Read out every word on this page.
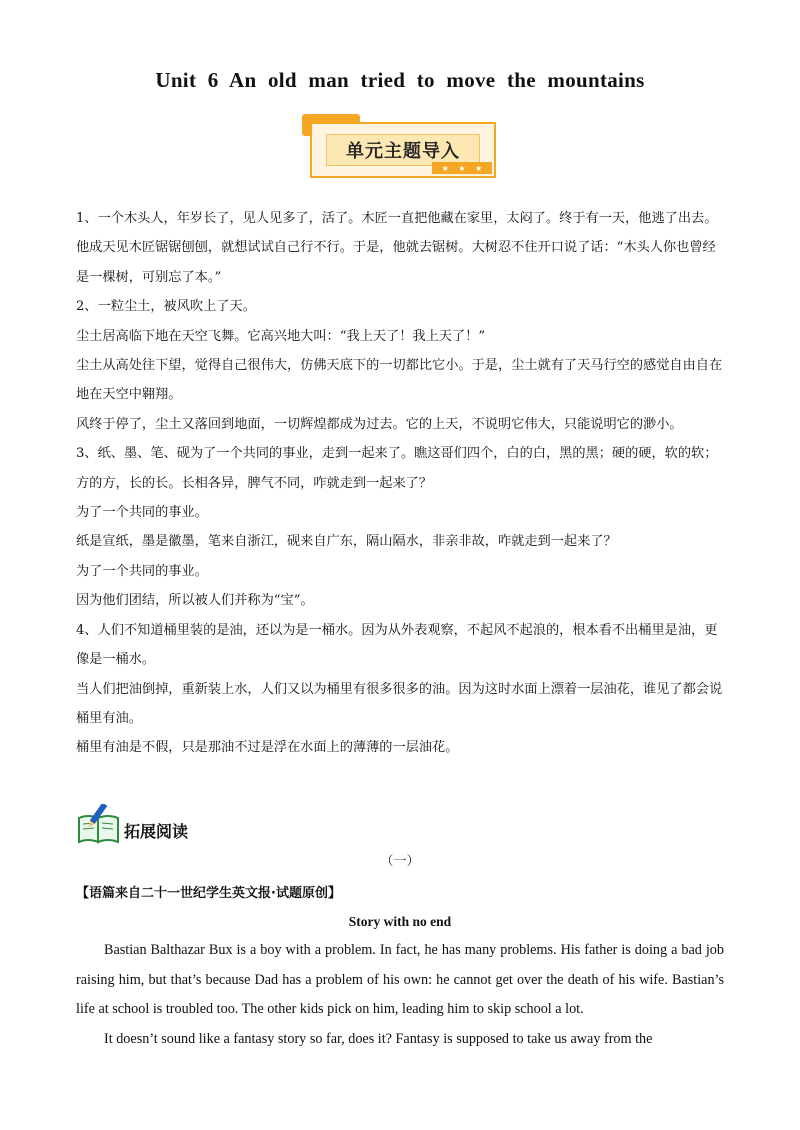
Unit 6 An old man tried to move the mountains
单元主题导入
★ ★ ★

1、一个木头人，年岁长了，见人见多了，活了。木匠一直把他藏在家里，太闷了。终于有一天，他逃了出去。

他成天见木匠锯锯刨刨，就想试试自己行不行。于是，他就去锯树。大树忍不住开口说了话：“木头人你也曾经是一棵树，可别忘了本。”

2、一粒尘土，被风吹上了天。

尘土居高临下地在天空飞舞。它高兴地大叫：“我上天了！我上天了！”

尘土从高处往下望，觉得自己很伟大，仿佛天底下的一切都比它小。于是，尘土就有了天马行空的感觉自由自在地在天空中翱翔。

风终于停了，尘土又落回到地面，一切辉煌都成为过去。它的上天，不说明它伟大，只能说明它的渺小。

3、纸、墨、笔、砚为了一个共同的事业，走到一起来了。瞧这哥们四个，白的白，黑的黑；硬的硬，软的软；方的方，长的长。长相各异，脾气不同，咋就走到一起来了？

为了一个共同的事业。

纸是宣纸，墨是徽墨，笔来自浙江，砚来自广东，隔山隔水，非亲非故，咋就走到一起来了？

为了一个共同的事业。

因为他们团结，所以被人们并称为“宝”。

4、人们不知道桶里装的是油，还以为是一桶水。因为从外表观察，不起风不起浪的，根本看不出桶里是油，更像是一桶水。

当人们把油倒掉，重新装上水，人们又以为桶里有很多很多的油。因为这时水面上漂着一层油花，谁见了都会说桶里有油。

桶里有油是不假，只是那油不过是浮在水面上的薄薄的一层油花。

拓展阅读
（一）
【语篇来自二十一世纪学生英文报·试题原创】
Story with no end

Bastian Balthazar Bux is a boy with a problem. In fact, he has many problems. His father is doing a bad job raising him, but that’s because Dad has a problem of his own: he cannot get over the death of his wife. Bastian’s life at school is troubled too. The other kids pick on him, leading him to skip school a lot.

It doesn’t sound like a fantasy story so far, does it? Fantasy is supposed to take us away from the
